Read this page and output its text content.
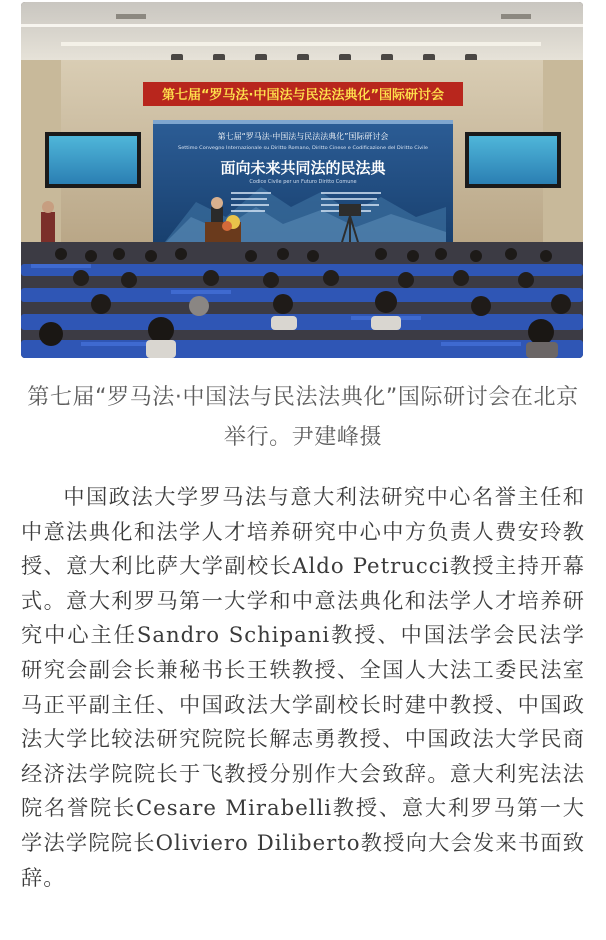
第七届“罗马法·中国法与民法法典化”国际研讨会
第七届“罗马法·中国法与民法法典化”国际研讨会
Settimo Convegno Internazionale su Diritto Romano, Diritto Cinese e Codificazione del Diritto Civile
面向未来共同法的民法典
Codice Civile per un Futuro Diritto Comune
第七届“罗马法·中国法与民法法典化”国际研讨会在北京举行。尹建峰摄

中国政法大学罗马法与意大利法研究中心名誉主任和中意法典化和法学人才培养研究中心中方负责人费安玲教授、意大利比萨大学副校长Aldo Petrucci教授主持开幕式。意大利罗马第一大学和中意法典化和法学人才培养研究中心主任Sandro Schipani教授、中国法学会民法学研究会副会长兼秘书长王轶教授、全国人大法工委民法室马正平副主任、中国政法大学副校长时建中教授、中国政法大学比较法研究院院长解志勇教授、中国政法大学民商经济法学院院长于飞教授分别作大会致辞。意大利宪法法院名誉院长Cesare Mirabelli教授、意大利罗马第一大学法学院院长Oliviero Diliberto教授向大会发来书面致辞。
